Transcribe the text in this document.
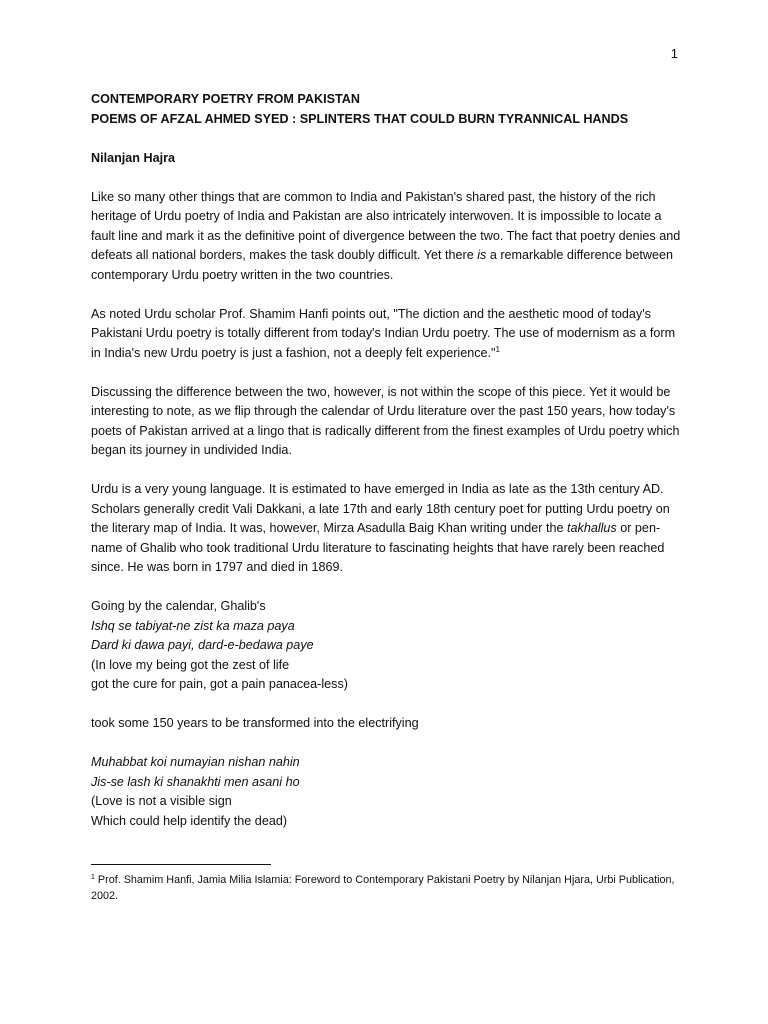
1
CONTEMPORARY POETRY FROM PAKISTAN
POEMS OF AFZAL AHMED SYED : SPLINTERS THAT COULD BURN TYRANNICAL HANDS
Nilanjan Hajra

Like so many other things that are common to India and Pakistan's shared past, the history of the rich heritage of Urdu poetry of India and Pakistan are also intricately interwoven. It is impossible to locate a fault line and mark it as the definitive point of divergence between the two. The fact that poetry denies and defeats all national borders, makes the task doubly difficult. Yet there is a remarkable difference between contemporary Urdu poetry written in the two countries.

As noted Urdu scholar Prof. Shamim Hanfi points out, "The diction and the aesthetic mood of today's Pakistani Urdu poetry is totally different from today's Indian Urdu poetry. The use of modernism as a form in India's new Urdu poetry is just a fashion, not a deeply felt experience."$^1$

Discussing the difference between the two, however, is not within the scope of this piece. Yet it would be interesting to note, as we flip through the calendar of Urdu literature over the past 150 years, how today's poets of Pakistan arrived at a lingo that is radically different from the finest examples of Urdu poetry which began its journey in undivided India.

Urdu is a very young language. It is estimated to have emerged in India as late as the 13th century AD. Scholars generally credit Vali Dakkani, a late 17th and early 18th century poet for putting Urdu poetry on the literary map of India. It was, however, Mirza Asadulla Baig Khan writing under the takhallus or pen-name of Ghalib who took traditional Urdu literature to fascinating heights that have rarely been reached since. He was born in 1797 and died in 1869.

Going by the calendar, Ghalib's
Ishq se tabiyat-ne zist ka maza paya
Dard ki dawa payi, dard-e-bedawa paye
(In love my being got the zest of life
got the cure for pain, got a pain panacea-less)

took some 150 years to be transformed into the electrifying

Muhabbat koi numayian nishan nahin
Jis-se lash ki shanakhti men asani ho
(Love is not a visible sign
Which could help identify the dead)

$^1$ Prof. Shamim Hanfi, Jamia Milia Islamia: Foreword to Contemporary Pakistani Poetry by Nilanjan Hjara, Urbi Publication, 2002.
